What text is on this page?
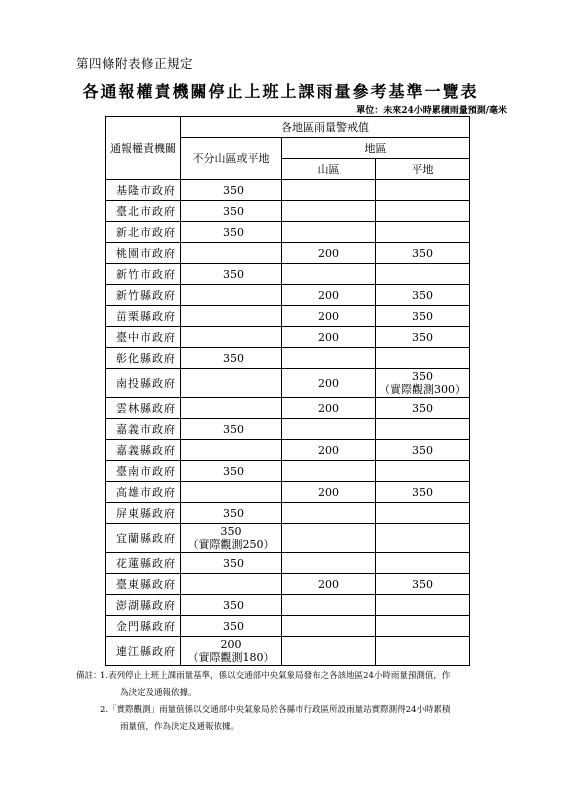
第四條附表修正規定
各通報權責機關停止上班上課雨量參考基準一覽表
單位：未來24小時累積雨量預測/毫米
通報權責機關	各地區雨量警戒值		
	不分山區或平地	地區	
		山區	平地
基隆市政府	350		

臺北市政府	350		

新北市政府	350		

桃園市政府		200	350

新竹市政府	350		

新竹縣政府		200	350

苗栗縣政府		200	350

臺中市政府		200	350

彰化縣政府	350		

南投縣政府		200	350
（實際觀測300）

雲林縣政府		200	350

嘉義市政府	350		

嘉義縣政府		200	350

臺南市政府	350		

高雄市政府		200	350

屏東縣政府	350		

宜蘭縣政府	350
（實際觀測250）		

花蓮縣政府	350		

臺東縣政府		200	350

澎湖縣政府	350		

金門縣政府	350		

連江縣政府	200
（實際觀測180）		

備註：
1.表列停止上班上課雨量基準，係以交通部中央氣象局發布之各該地區24小時雨量預測值，作
為決定及通報依據。
2.「實際觀測」雨量值係以交通部中央氣象局於各縣市行政區所設雨量站實際測得24小時累積
雨量值，作為決定及通報依據。
